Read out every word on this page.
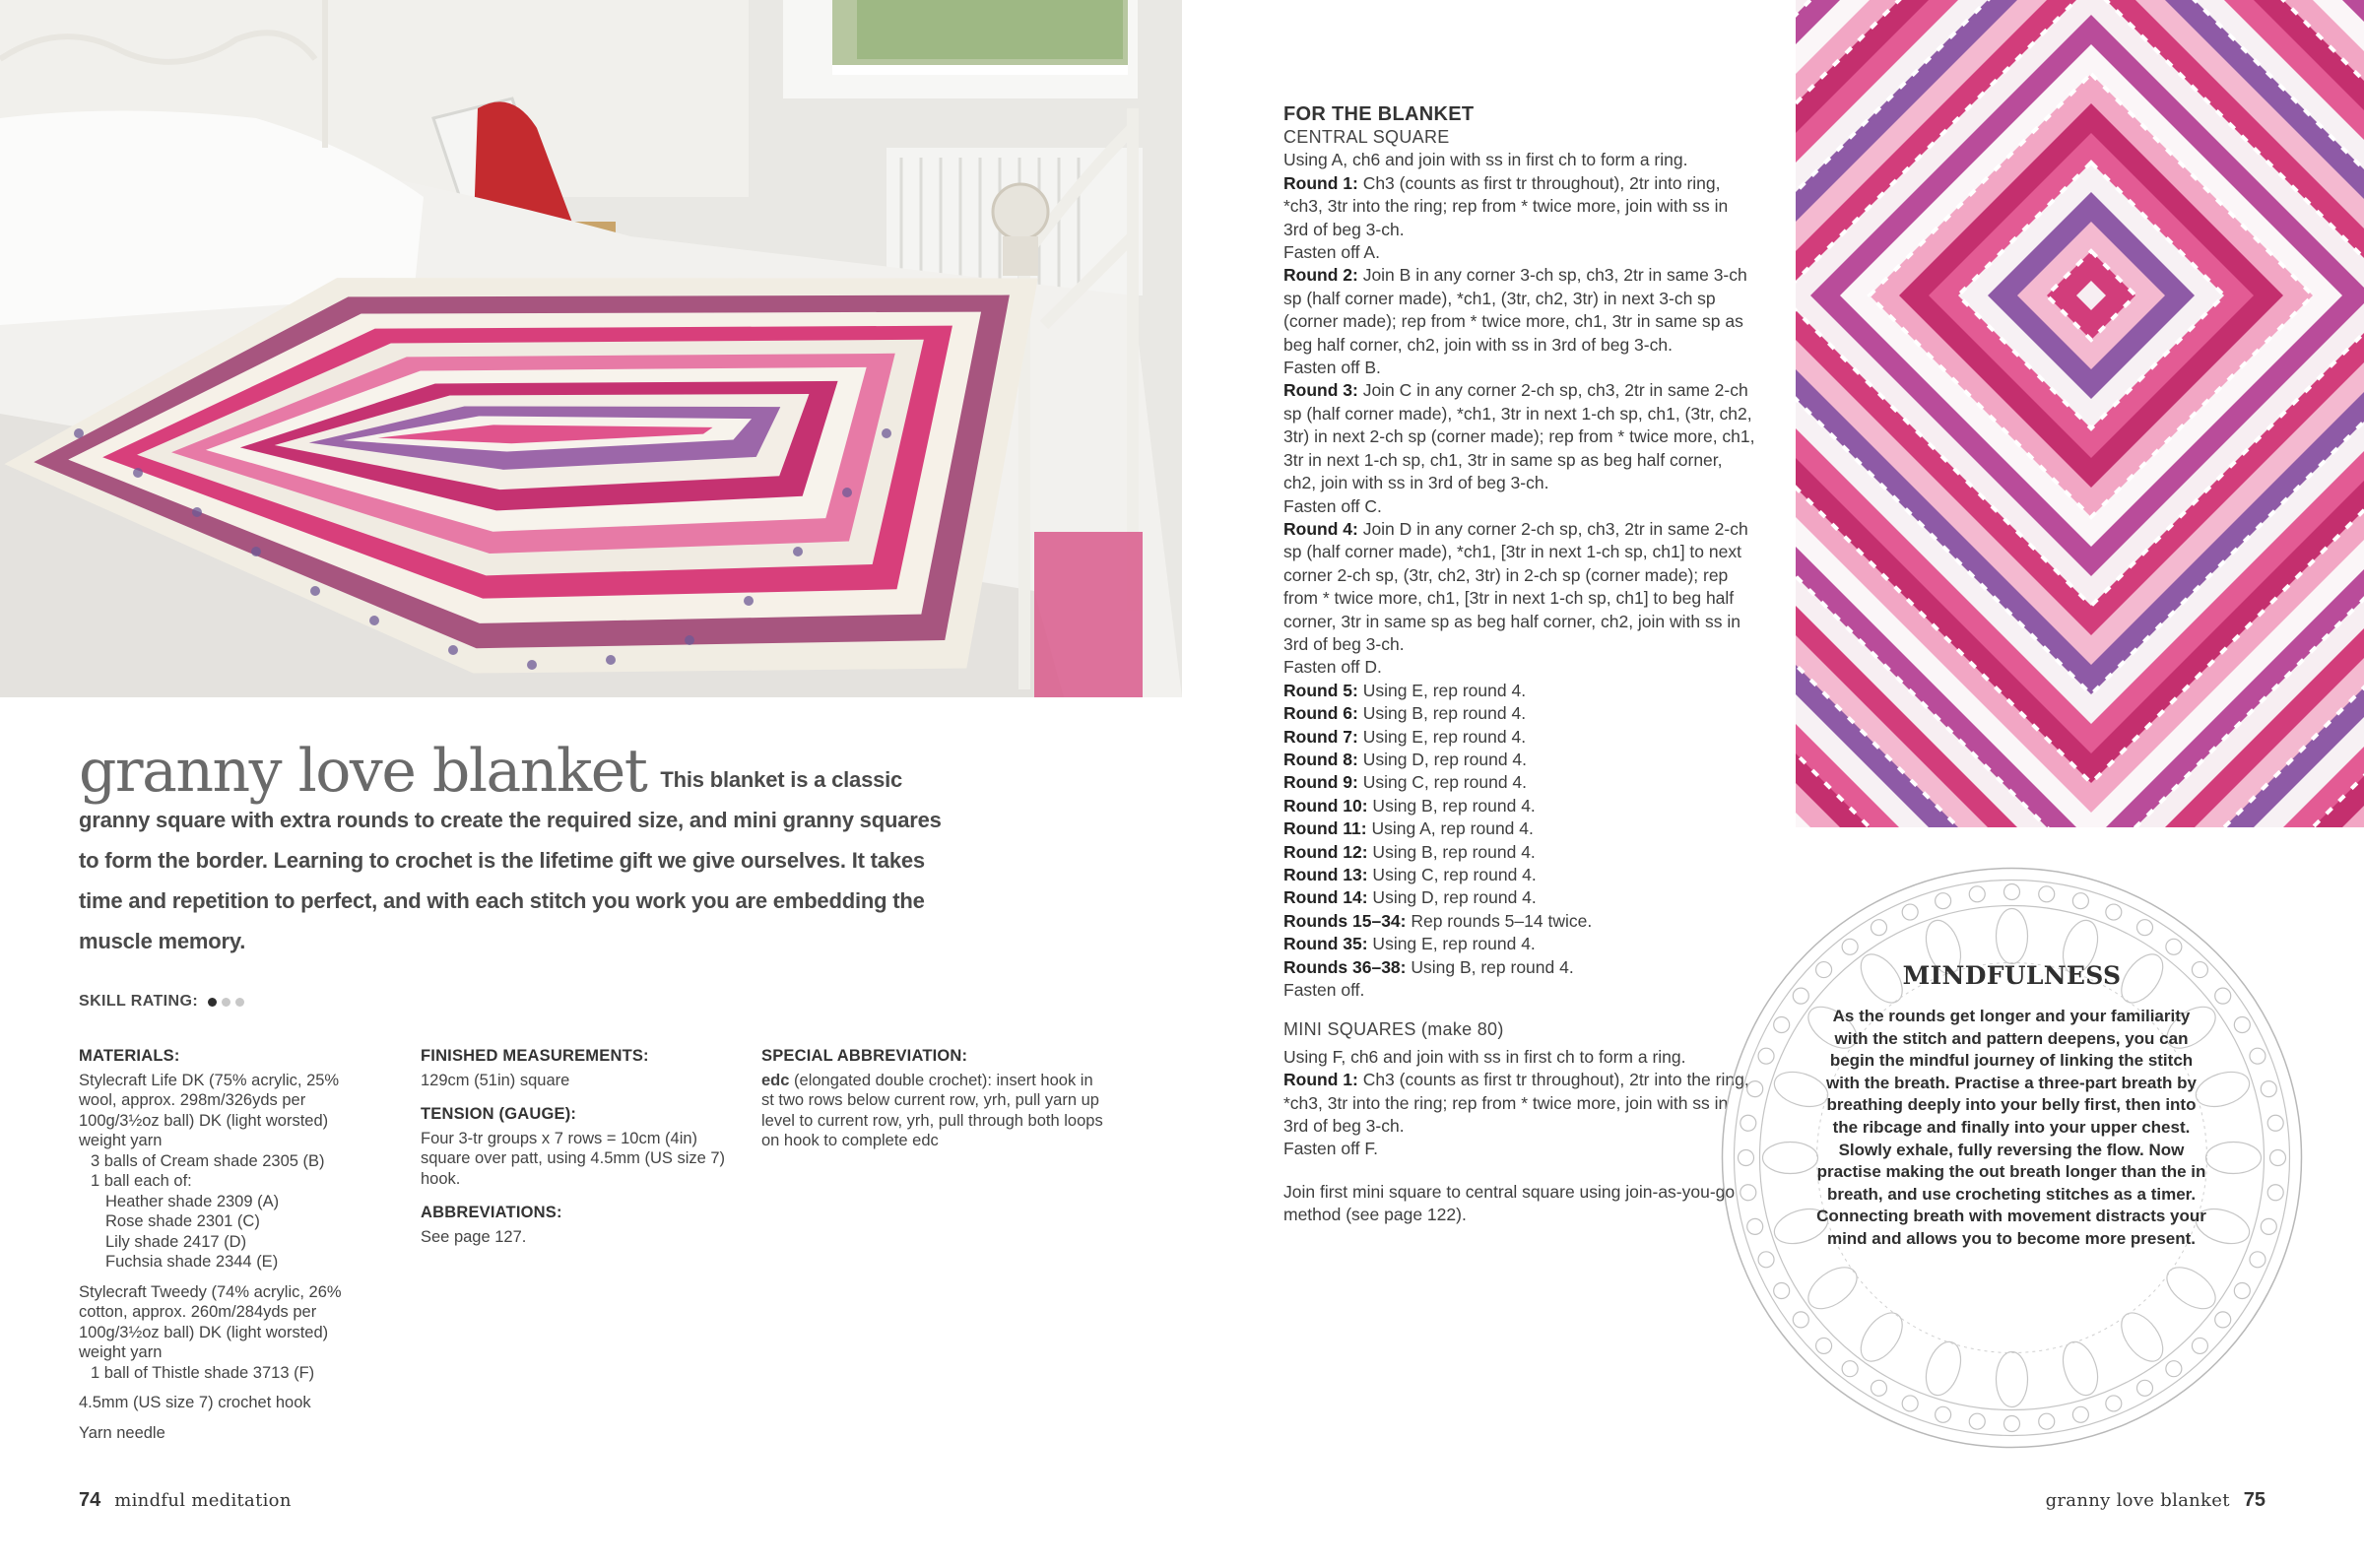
granny love blanket This blanket is a classic granny square with extra rounds to create the required size, and mini granny squares to form the border. Learning to crochet is the lifetime gift we give ourselves. It takes time and repetition to perfect, and with each stitch you work you are embedding the muscle memory.
SKILL RATING:
MATERIALS:

Stylecraft Life DK (75% acrylic, 25% wool, approx. 298m/326yds per 100g/3½oz ball) DK (light worsted) weight yarn
3 balls of Cream shade 2305 (B)
1 ball each of:
Heather shade 2309 (A)
Rose shade 2301 (C)
Lily shade 2417 (D)
Fuchsia shade 2344 (E)

Stylecraft Tweedy (74% acrylic, 26% cotton, approx. 260m/284yds per 100g/3½oz ball) DK (light worsted) weight yarn
1 ball of Thistle shade 3713 (F)

4.5mm (US size 7) crochet hook

Yarn needle

FINISHED MEASUREMENTS:

129cm (51in) square

TENSION (GAUGE):

Four 3-tr groups x 7 rows = 10cm (4in) square over patt, using 4.5mm (US size 7) hook.

ABBREVIATIONS:

See page 127.

SPECIAL ABBREVIATION:

edc (elongated double crochet): insert hook in st two rows below current row, yrh, pull yarn up level to current row, yrh, pull through both loops on hook to complete edc

74 mindful meditation
FOR THE BLANKET
CENTRAL SQUARE
Using A, ch6 and join with ss in first ch to form a ring.
Round 1: Ch3 (counts as first tr throughout), 2tr into ring, *ch3, 3tr into the ring; rep from * twice more, join with ss in 3rd of beg 3-ch.
Fasten off A.
Round 2: Join B in any corner 3-ch sp, ch3, 2tr in same 3-ch sp (half corner made), *ch1, (3tr, ch2, 3tr) in next 3-ch sp (corner made); rep from * twice more, ch1, 3tr in same sp as beg half corner, ch2, join with ss in 3rd of beg 3-ch.
Fasten off B.
Round 3: Join C in any corner 2-ch sp, ch3, 2tr in same 2-ch sp (half corner made), *ch1, 3tr in next 1-ch sp, ch1, (3tr, ch2, 3tr) in next 2-ch sp (corner made); rep from * twice more, ch1, 3tr in next 1-ch sp, ch1, 3tr in same sp as beg half corner, ch2, join with ss in 3rd of beg 3-ch.
Fasten off C.
Round 4: Join D in any corner 2-ch sp, ch3, 2tr in same 2-ch sp (half corner made), *ch1, [3tr in next 1-ch sp, ch1] to next corner 2-ch sp, (3tr, ch2, 3tr) in 2-ch sp (corner made); rep from * twice more, ch1, [3tr in next 1-ch sp, ch1] to beg half corner, 3tr in same sp as beg half corner, ch2, join with ss in 3rd of beg 3-ch.
Fasten off D.
Round 5: Using E, rep round 4.
Round 6: Using B, rep round 4.
Round 7: Using E, rep round 4.
Round 8: Using D, rep round 4.
Round 9: Using C, rep round 4.
Round 10: Using B, rep round 4.
Round 11: Using A, rep round 4.
Round 12: Using B, rep round 4.
Round 13: Using C, rep round 4.
Round 14: Using D, rep round 4.
Rounds 15–34: Rep rounds 5–14 twice.
Round 35: Using E, rep round 4.
Rounds 36–38: Using B, rep round 4.
Fasten off.
MINI SQUARES (make 80)
Using F, ch6 and join with ss in first ch to form a ring.
Round 1: Ch3 (counts as first tr throughout), 2tr into the ring, *ch3, 3tr into the ring; rep from * twice more, join with ss in 3rd of beg 3-ch.
Fasten off F.
Join first mini square to central square using join-as-you-go method (see page 122).
MINDFULNESS
As the rounds get longer and your familiarity with the stitch and pattern deepens, you can begin the mindful journey of linking the stitch with the breath. Practise a three-part breath by breathing deeply into your belly first, then into the ribcage and finally into your upper chest. Slowly exhale, fully reversing the flow. Now practise making the out breath longer than the in breath, and use crocheting stitches as a timer. Connecting breath with movement distracts your mind and allows you to become more present.
granny love blanket 75
